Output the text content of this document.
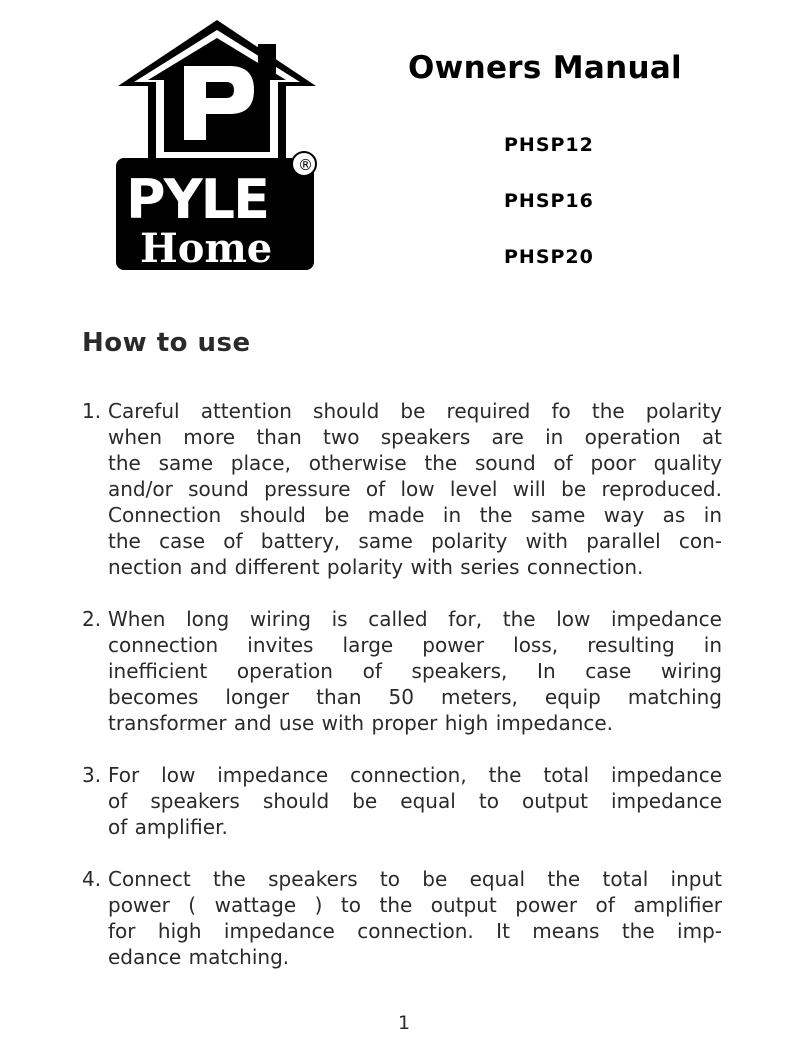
PYLE
Home
®
Owners Manual
PHSP12
PHSP16
PHSP20
How to use
1. Careful attention should be required fo the polarity
when more than two speakers are in operation at
the same place, otherwise the sound of poor quality
and/or sound pressure of low level will be reproduced.
Connection should be made in the same way as in
the case of battery, same polarity with parallel con-
nection and different polarity with series connection.
2. When long wiring is called for, the low impedance
connection invites large power loss, resulting in
inefficient operation of speakers, In case wiring
becomes longer than 50 meters, equip matching
transformer and use with proper high impedance.
3. For low impedance connection, the total impedance
of speakers should be equal to output impedance
of amplifier.
4. Connect the speakers to be equal the total input
power ( wattage ) to the output power of amplifier
for high impedance connection. It means the imp-
edance matching.

1
